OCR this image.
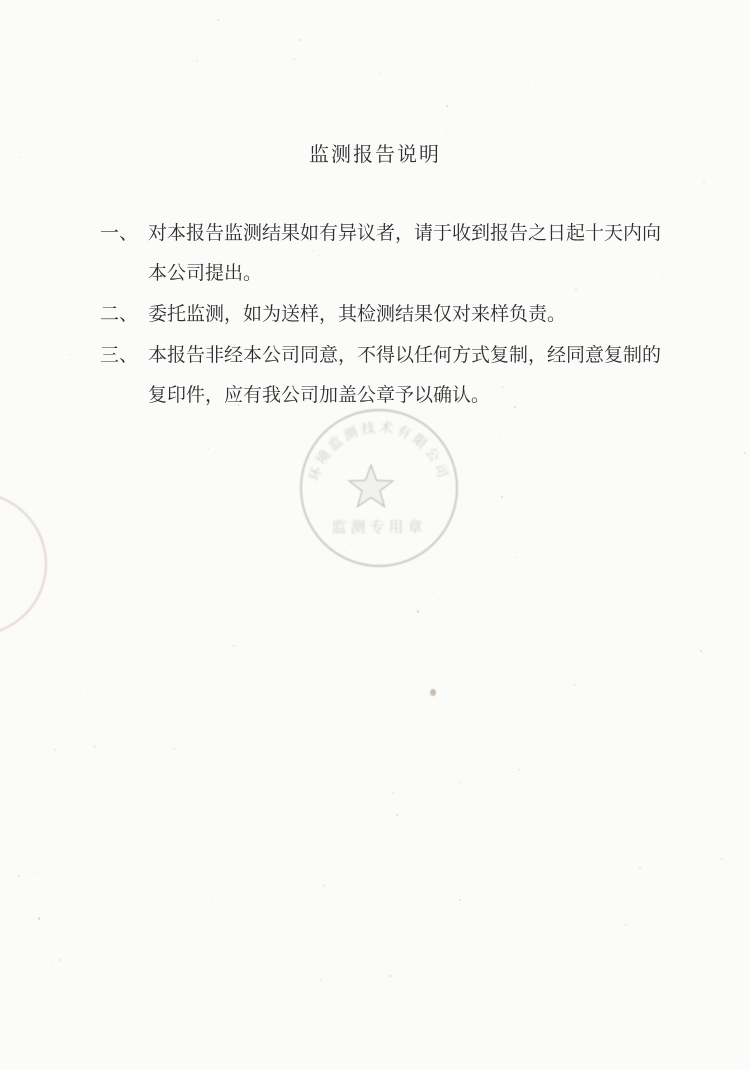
监测报告说明
一、 对本报告监测结果如有异议者，请于收到报告之日起十天内向
本公司提出。
二、 委托监测，如为送样，其检测结果仅对来样负责。
三、 本报告非经本公司同意，不得以任何方式复制，经同意复制的
复印件，应有我公司加盖公章予以确认。
环境监测技术有限公司
监测专用章
